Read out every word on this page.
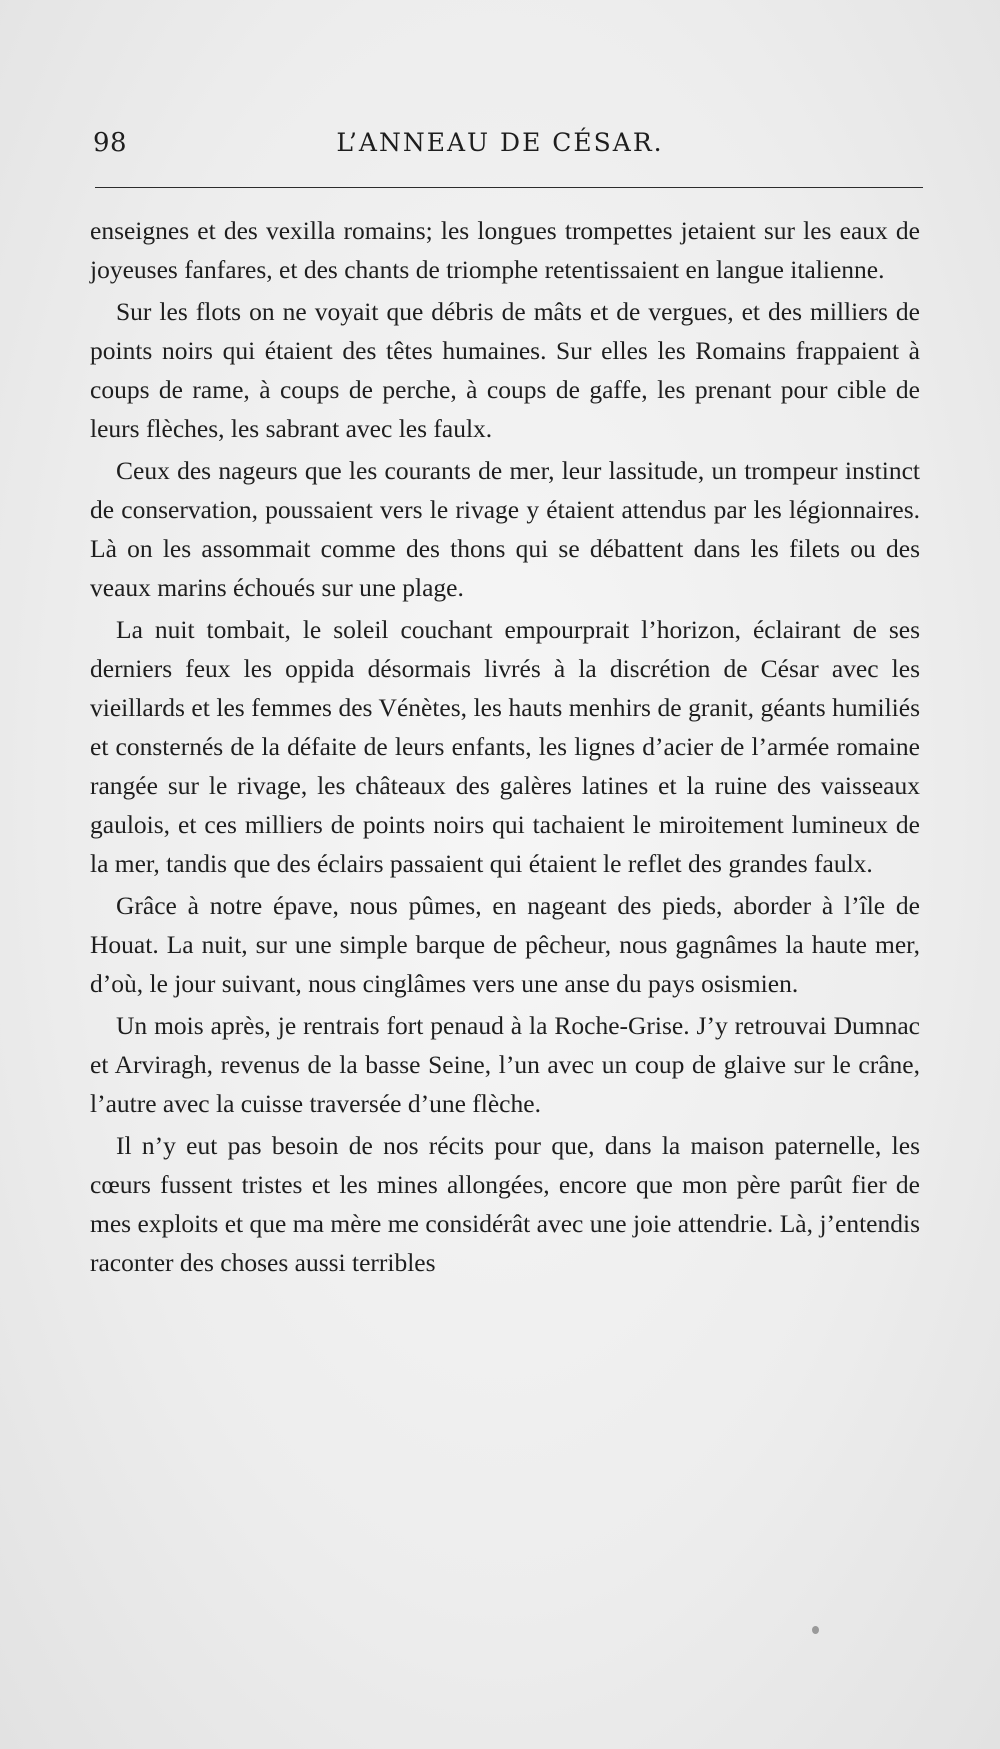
98	L’ANNEAU DE CÉSAR.

enseignes et des vexilla romains; les longues trompettes jetaient sur les eaux de joyeuses fanfares, et des chants de triomphe retentissaient en langue italienne.

Sur les flots on ne voyait que débris de mâts et de vergues, et des milliers de points noirs qui étaient des têtes humaines. Sur elles les Romains frappaient à coups de rame, à coups de perche, à coups de gaffe, les prenant pour cible de leurs flèches, les sabrant avec les faulx.

Ceux des nageurs que les courants de mer, leur lassitude, un trompeur instinct de conservation, poussaient vers le rivage y étaient attendus par les légionnaires. Là on les assommait comme des thons qui se débattent dans les filets ou des veaux marins échoués sur une plage.

La nuit tombait, le soleil couchant empourprait l’horizon, éclairant de ses derniers feux les oppida désormais livrés à la discrétion de César avec les vieillards et les femmes des Vénètes, les hauts menhirs de granit, géants humiliés et consternés de la défaite de leurs enfants, les lignes d’acier de l’armée romaine rangée sur le rivage, les châteaux des galères latines et la ruine des vaisseaux gaulois, et ces milliers de points noirs qui tachaient le miroitement lumineux de la mer, tandis que des éclairs passaient qui étaient le reflet des grandes faulx.

Grâce à notre épave, nous pûmes, en nageant des pieds, aborder à l’île de Houat. La nuit, sur une simple barque de pêcheur, nous gagnâmes la haute mer, d’où, le jour suivant, nous cinglâmes vers une anse du pays osismien.

Un mois après, je rentrais fort penaud à la Roche-Grise. J’y retrouvai Dumnac et Arviragh, revenus de la basse Seine, l’un avec un coup de glaive sur le crâne, l’autre avec la cuisse traversée d’une flèche.

Il n’y eut pas besoin de nos récits pour que, dans la maison paternelle, les cœurs fussent tristes et les mines allongées, encore que mon père parût fier de mes exploits et que ma mère me considérât avec une joie attendrie. Là, j’entendis raconter des choses aussi terribles
